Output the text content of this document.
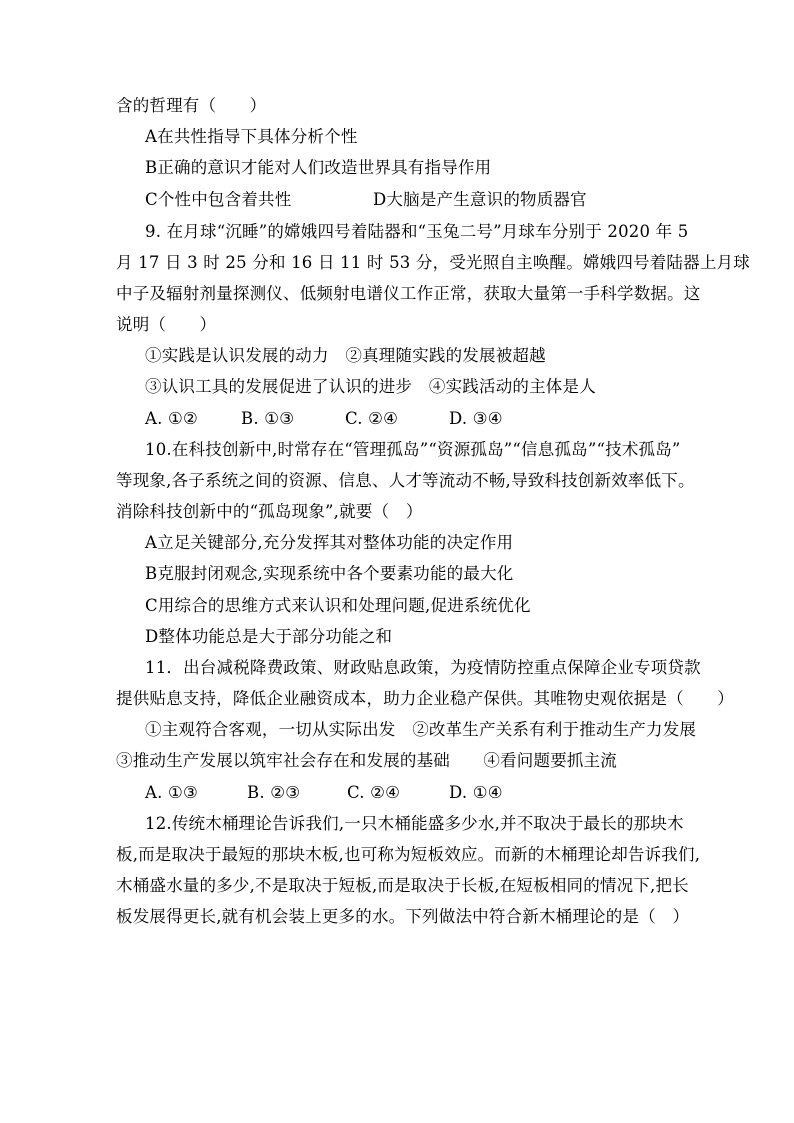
含的哲理有（　　）
A在共性指导下具体分析个性
B正确的意识才能对人们改造世界具有指导作用
C个性中包含着共性	D大脑是产生意识的物质器官
9. 在月球“沉睡”的嫦娥四号着陆器和“玉兔二号”月球车分别于 2020 年 5
月 17 日 3 时 25 分和 16 日 11 时 53 分，受光照自主唤醒。嫦娥四号着陆器上月球
中子及辐射剂量探测仪、低频射电谱仪工作正常，获取大量第一手科学数据。这
说明（　　）
①实践是认识发展的动力　②真理随实践的发展被超越
③认识工具的发展促进了认识的进步　④实践活动的主体是人
A. ①②	B. ①③	C. ②④	D. ③④
10.在科技创新中,时常存在“管理孤岛”“资源孤岛”“信息孤岛”“技术孤岛”
等现象,各子系统之间的资源、信息、人才等流动不畅,导致科技创新效率低下。
消除科技创新中的“孤岛现象”,就要（　）
A立足关键部分,充分发挥其对整体功能的决定作用
B克服封闭观念,实现系统中各个要素功能的最大化
C用综合的思维方式来认识和处理问题,促进系统优化
D整体功能总是大于部分功能之和
11．出台减税降费政策、财政贴息政策，为疫情防控重点保障企业专项贷款
提供贴息支持，降低企业融资成本，助力企业稳产保供。其唯物史观依据是（　　）
①主观符合客观，一切从实际出发　②改革生产关系有利于推动生产力发展
③推动生产发展以筑牢社会存在和发展的基础　　④看问题要抓主流
A. ①③	B. ②③	C. ②④	D. ①④
12.传统木桶理论告诉我们,一只木桶能盛多少水,并不取决于最长的那块木
板,而是取决于最短的那块木板,也可称为短板效应。而新的木桶理论却告诉我们,
木桶盛水量的多少,不是取决于短板,而是取决于长板,在短板相同的情况下,把长
板发展得更长,就有机会装上更多的水。下列做法中符合新木桶理论的是（　）
